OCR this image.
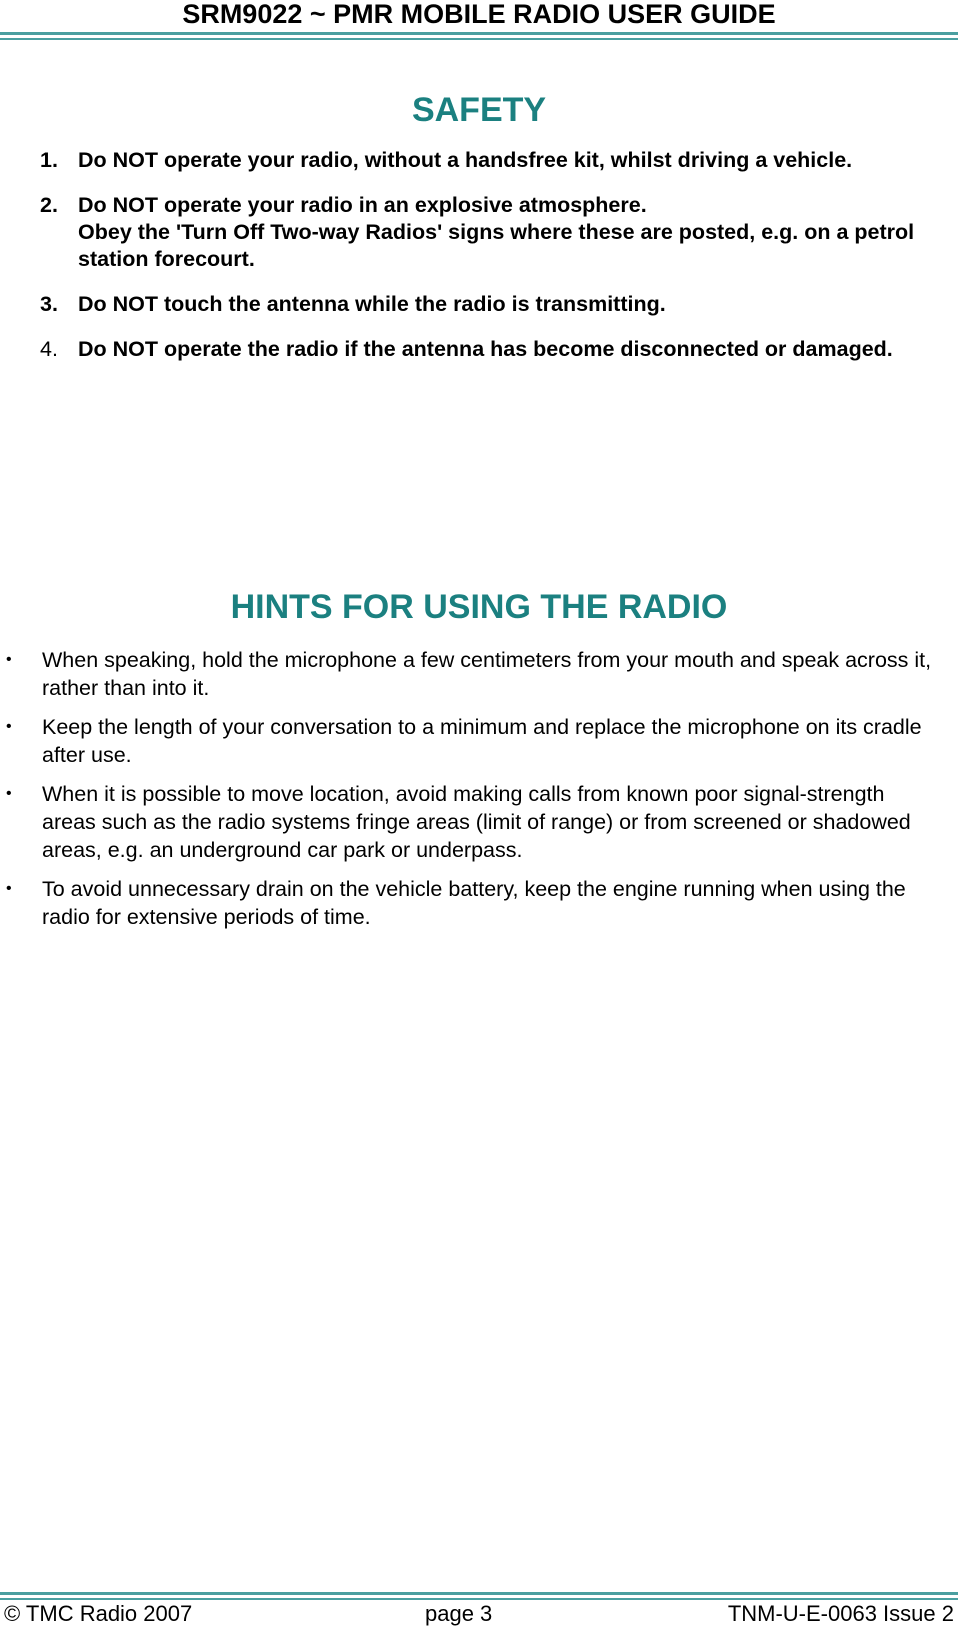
SRM9022 ~ PMR MOBILE RADIO USER GUIDE
SAFETY
1. Do NOT operate your radio, without a handsfree kit, whilst driving a vehicle.
2. Do NOT operate your radio in an explosive atmosphere.
Obey the 'Turn Off Two-way Radios' signs where these are posted, e.g. on a petrol station forecourt.
3. Do NOT touch the antenna while the radio is transmitting.
4. Do NOT operate the radio if the antenna has become disconnected or damaged.
HINTS FOR USING THE RADIO
• When speaking, hold the microphone a few centimeters from your mouth and speak across it, rather than into it.
• Keep the length of your conversation to a minimum and replace the microphone on its cradle after use.
• When it is possible to move location, avoid making calls from known poor signal-strength areas such as the radio systems fringe areas (limit of range) or from screened or shadowed areas, e.g. an underground car park or underpass.
• To avoid unnecessary drain on the vehicle battery, keep the engine running when using the radio for extensive periods of time.
© TMC Radio 2007	page 3	TNM-U-E-0063 Issue 2
